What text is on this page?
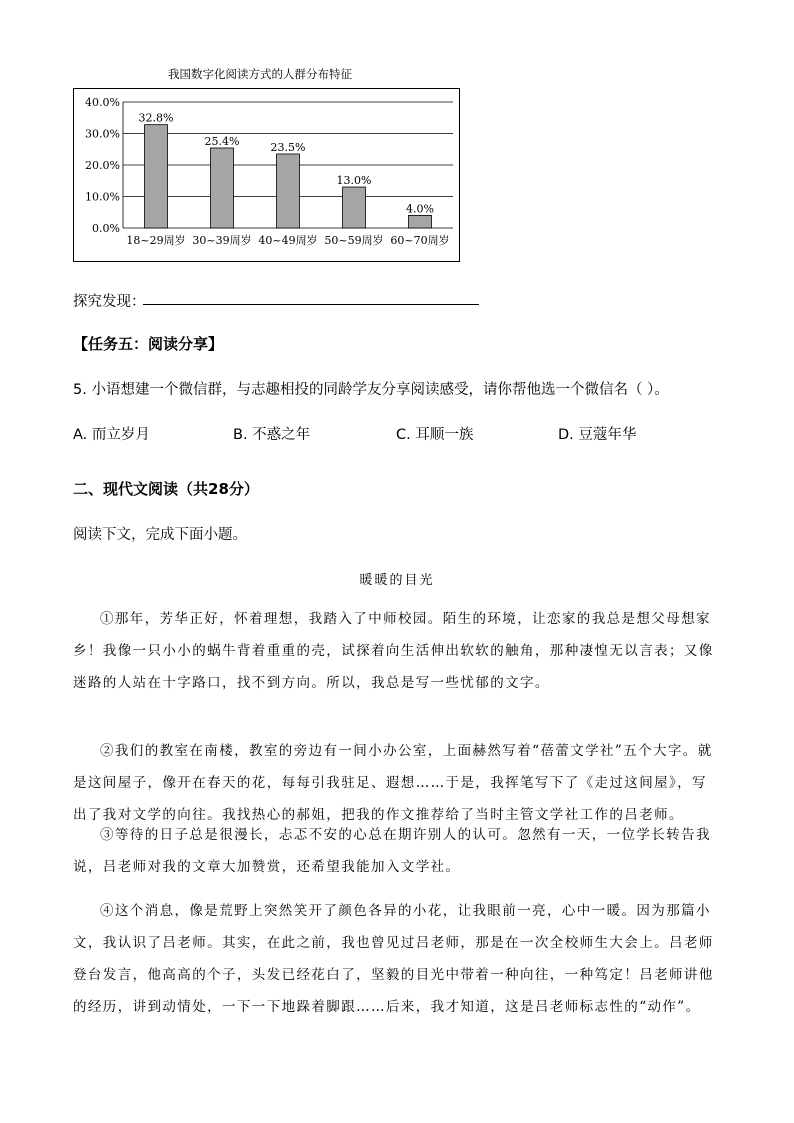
我国数字化阅读方式的人群分布特征
0.0%
10.0%
20.0%
30.0%
40.0%
32.8%
18~29周岁
25.4%
30~39周岁
23.5%
40~49周岁
13.0%
50~59周岁
4.0%
60~70周岁
探究发现：
【任务五：阅读分享】
5. 小语想建一个微信群，与志趣相投的同龄学友分享阅读感受，请你帮他选一个微信名（ ）。
A. 而立岁月	B. 不惑之年	C. 耳顺一族	D. 豆蔻年华
二、现代文阅读（共28分）
阅读下文，完成下面小题。
暖暖的目光
①那年，芳华正好，怀着理想，我踏入了中师校园。陌生的环境，让恋家的我总是想父母想家乡！我像一只小小的蜗牛背着重重的壳，试探着向生活伸出软软的触角，那种凄惶无以言表；又像迷路的人站在十字路口，找不到方向。所以，我总是写一些忧郁的文字。
②我们的教室在南楼，教室的旁边有一间小办公室，上面赫然写着“蓓蕾文学社”五个大字。就是这间屋子，像开在春天的花，每每引我驻足、遐想……于是，我挥笔写下了《走过这间屋》，写出了我对文学的向往。我找热心的郝姐，把我的作文推荐给了当时主管文学社工作的吕老师。
③等待的日子总是很漫长，忐忑不安的心总在期许别人的认可。忽然有一天，一位学长转告我说，吕老师对我的文章大加赞赏，还希望我能加入文学社。
④这个消息，像是荒野上突然笑开了颜色各异的小花，让我眼前一亮，心中一暖。因为那篇小文，我认识了吕老师。其实，在此之前，我也曾见过吕老师，那是在一次全校师生大会上。吕老师登台发言，他高高的个子，头发已经花白了，坚毅的目光中带着一种向往，一种笃定！吕老师讲他的经历，讲到动情处，一下一下地跺着脚跟……后来，我才知道，这是吕老师标志性的“动作”。
